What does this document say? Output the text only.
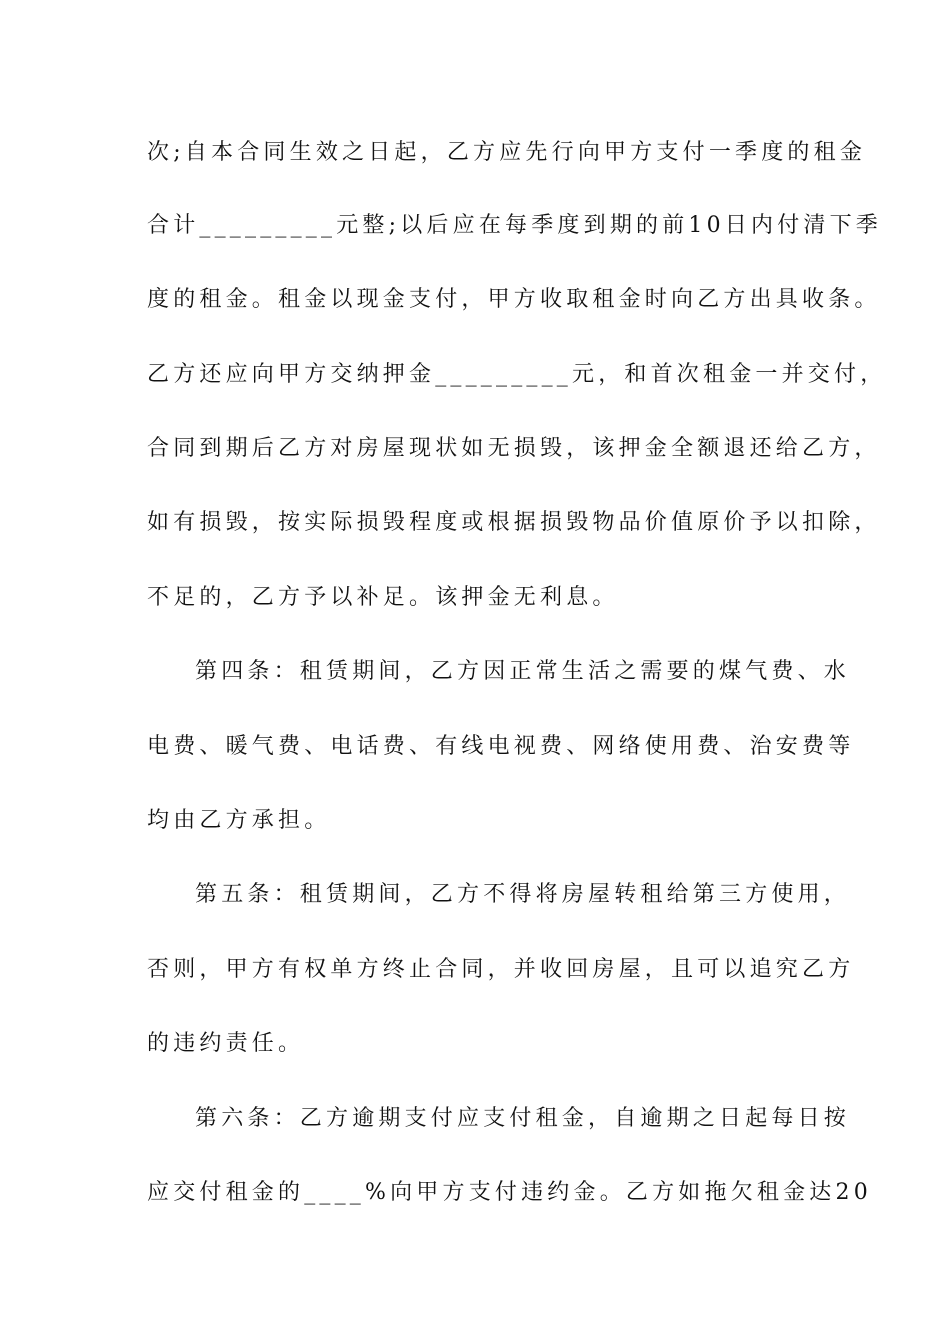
次;自本合同生效之日起，乙方应先行向甲方支付一季度的租金
合计_________元整;以后应在每季度到期的前10日内付清下季
度的租金。租金以现金支付，甲方收取租金时向乙方出具收条。
乙方还应向甲方交纳押金_________元，和首次租金一并交付，
合同到期后乙方对房屋现状如无损毁，该押金全额退还给乙方，
如有损毁，按实际损毁程度或根据损毁物品价值原价予以扣除，
不足的，乙方予以补足。该押金无利息。
第四条：租赁期间，乙方因正常生活之需要的煤气费、水
电费、暖气费、电话费、有线电视费、网络使用费、治安费等
均由乙方承担。
第五条：租赁期间，乙方不得将房屋转租给第三方使用，
否则，甲方有权单方终止合同，并收回房屋，且可以追究乙方
的违约责任。
第六条：乙方逾期支付应支付租金，自逾期之日起每日按
应交付租金的____%向甲方支付违约金。乙方如拖欠租金达20
